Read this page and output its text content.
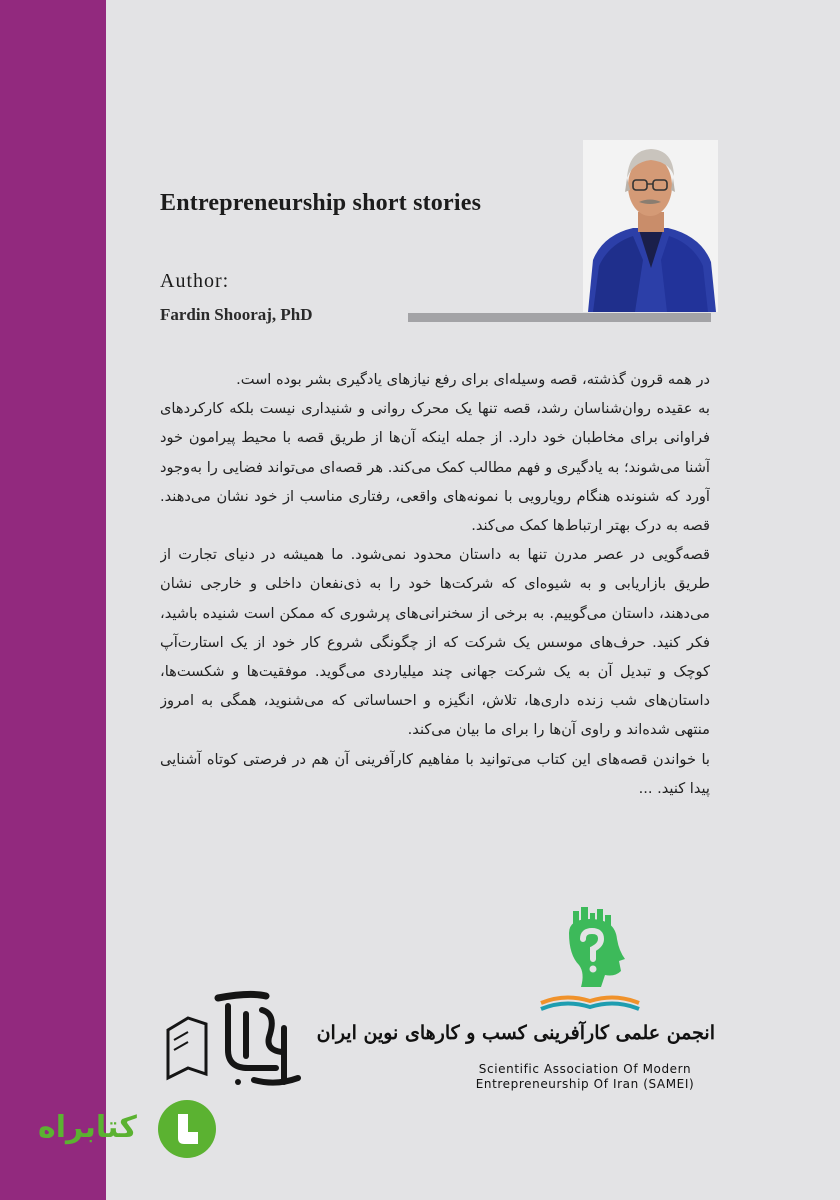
Entrepreneurship short stories
Author:
Fardin Shooraj, PhD

در همه قرون گذشته، قصه وسیله‌ای برای رفع نیازهای یادگیری بشر بوده است.

به عقیده روان‌شناسان رشد، قصه تنها یک محرک روانی و شنیداری نیست بلکه کارکردهای فراوانی برای مخاطبان خود دارد. از جمله اینکه آن‌ها از طریق قصه با محیط پیرامون خود آشنا می‌شوند؛ به یادگیری و فهم مطالب کمک می‌کند. هر قصه‌ای می‌تواند فضایی را به‌وجود آورد که شنونده هنگام رویارویی با نمونه‌های واقعی، رفتاری مناسب از خود نشان می‌دهند. قصه به درک بهتر ارتباط‌ها کمک می‌کند.

قصه‌گویی در عصر مدرن تنها به داستان محدود نمی‌شود. ما همیشه در دنیای تجارت از طریق بازاریابی و به شیوه‌ای که شرکت‌ها خود را به ذی‌نفعان داخلی و خارجی نشان می‌دهند، داستان می‌گوییم. به برخی از سخنرانی‌های پرشوری که ممکن است شنیده باشید، فکر کنید. حرف‌های موسس یک شرکت که از چگونگی شروع کار خود از یک استارت‌آپ کوچک و تبدیل آن به یک شرکت جهانی چند میلیاردی می‌گوید. موفقیت‌ها و شکست‌ها، داستان‌های شب زنده داری‌ها، تلاش، انگیزه و احساساتی که می‌شنوید، همگی به امروز منتهی شده‌اند و راوی آن‌ها را برای ما بیان می‌کند.

با خواندن قصه‌های این کتاب می‌توانید با مفاهیم کارآفرینی آن هم در فرصتی کوتاه آشنایی پیدا کنید. ...

انجمن علمی کارآفرینی کسب و کارهای نوین ایران
Scientific Association Of Modern
Entrepreneurship Of Iran (SAMEI)
کتابراه
